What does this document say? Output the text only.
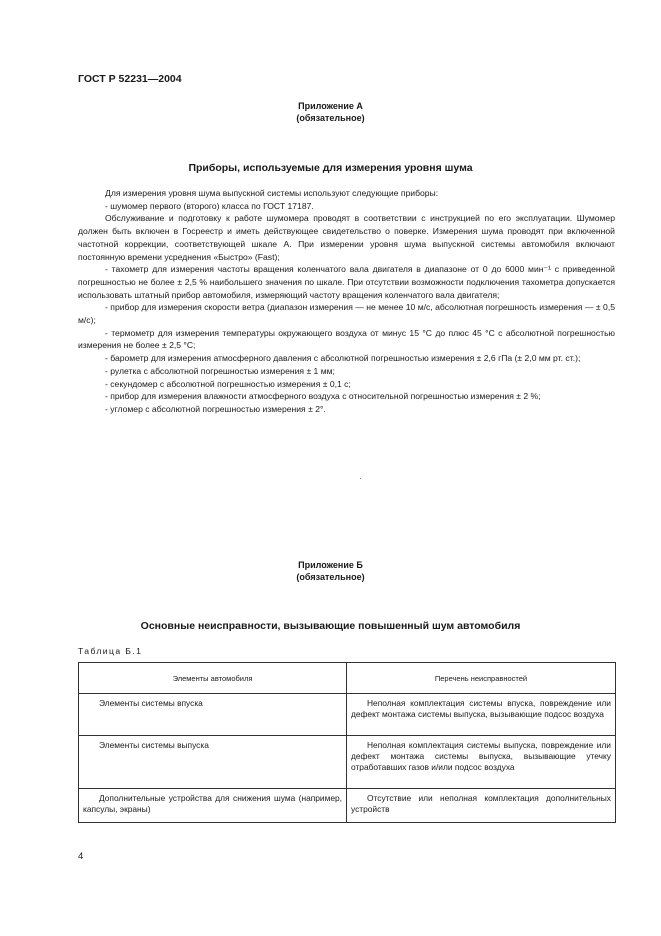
ГОСТ Р 52231—2004
Приложение А
(обязательное)
Приборы, используемые для измерения уровня шума

Для измерения уровня шума выпускной системы используют следующие приборы:

- шумомер первого (второго) класса по ГОСТ 17187.

Обслуживание и подготовку к работе шумомера проводят в соответствии с инструкцией по его эксплуатации. Шумомер должен быть включен в Госреестр и иметь действующее свидетельство о поверке. Измерения шума проводят при включенной частотной коррекции, соответствующей шкале А. При измерении уровня шума выпускной системы автомобиля включают постоянную времени усреднения «Быстро» (Fast);

- тахометр для измерения частоты вращения коленчатого вала двигателя в диапазоне от 0 до 6000 мин⁻¹ с приведенной погрешностью не более ± 2,5 % наибольшего значения по шкале. При отсутствии возможности подключения тахометра допускается использовать штатный прибор автомобиля, измеряющий частоту вращения коленчатого вала двигателя;

- прибор для измерения скорости ветра (диапазон измерения — не менее 10 м/с, абсолютная погрешность измерения — ± 0,5 м/с);

- термометр для измерения температуры окружающего воздуха от минус 15 °С до плюс 45 °С с абсолютной погрешностью измерения не более ± 2,5 °С;

- барометр для измерения атмосферного давления с абсолютной погрешностью измерения ± 2,6 гПа (± 2,0 мм рт. ст.);

- рулетка с абсолютной погрешностью измерения ± 1 мм;

- секундомер с абсолютной погрешностью измерения ± 0,1 с;

- прибор для измерения влажности атмосферного воздуха с относительной погрешностью измерения ± 2 %;

- угломер с абсолютной погрешностью измерения ± 2°.

Приложение Б
(обязательное)
Основные неисправности, вызывающие повышенный шум автомобиля
Таблица Б.1
Элементы автомобиля	Перечень неисправностей
Элементы системы впуска	Неполная комплектация системы впуска, повреждение или дефект монтажа системы выпуска, вызывающие подсос воздуха
Элементы системы выпуска	Неполная комплектация системы выпуска, повреждение или дефект монтажа системы выпуска, вызывающие утечку отработавших газов и/или подсос воздуха
Дополнительные устройства для снижения шума (например, капсулы, экраны)	Отсутствие или неполная комплектация дополнительных устройств
4
